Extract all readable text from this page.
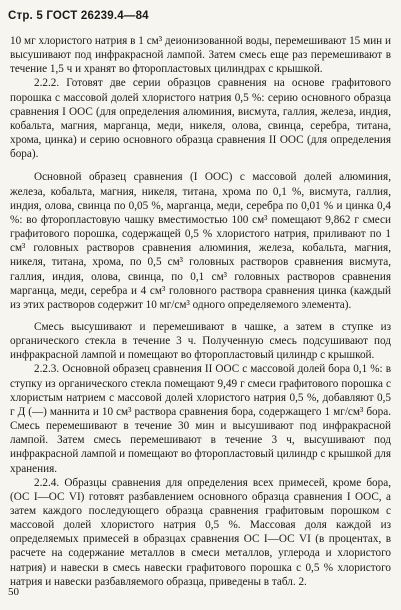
Стр. 5 ГОСТ 26239.4—84

10 мг хлористого натрия в 1 см³ деионизованной воды, перемешивают 15 мин и высушивают под инфракрасной лампой. Затем смесь еще раз перемешивают в течение 1,5 ч и хранят во фторопластовых цилиндрах с крышкой.

2.2.2. Готовят две серии образцов сравнения на основе графитового порошка с массовой долей хлористого натрия 0,5 %: серию основного образца сравнения I ООС (для определения алюминия, висмута, галлия, железа, индия, кобальта, магния, марганца, меди, никеля, олова, свинца, серебра, титана, хрома, цинка) и серию основного образца сравнения II ООС (для определения бора).

Основной образец сравнения (I ООС) с массовой долей алюминия, железа, кобальта, магния, никеля, титана, хрома по 0,1 %, висмута, галлия, индия, олова, свинца по 0,05 %, марганца, меди, серебра по 0,01 % и цинка 0,4 %: во фторопластовую чашку вместимостью 100 см³ помещают 9,862 г смеси графитового порошка, содержащей 0,5 % хлористого натрия, приливают по 1 см³ головных растворов сравнения алюминия, железа, кобальта, магния, никеля, титана, хрома, по 0,5 см³ головных растворов сравнения висмута, галлия, индия, олова, свинца, по 0,1 см³ головных растворов сравнения марганца, меди, серебра и 4 см³ головного раствора сравнения цинка (каждый из этих растворов содержит 10 мг/см³ одного определяемого элемента).

Смесь высушивают и перемешивают в чашке, а затем в ступке из органического стекла в течение 3 ч. Полученную смесь подсушивают под инфракрасной лампой и помещают во фторопластовый цилиндр с крышкой.

2.2.3. Основной образец сравнения II ООС с массовой долей бора 0,1 %: в ступку из органического стекла помещают 9,49 г смеси графитового порошка с хлористым натрием с массовой долей хлористого натрия 0,5 %, добавляют 0,5 г Д (—) маннита и 10 см³ раствора сравнения бора, содержащего 1 мг/см³ бора. Смесь перемешивают в течение 30 мин и высушивают под инфракрасной лампой. Затем смесь перемешивают в течение 3 ч, высушивают под инфракрасной лампой и помещают во фторопластовый цилиндр с крышкой для хранения.

2.2.4. Образцы сравнения для определения всех примесей, кроме бора, (ОС I—ОС VI) готовят разбавлением основного образца сравнения I ООС, а затем каждого последующего образца сравнения графитовым порошком с массовой долей хлористого натрия 0,5 %. Массовая доля каждой из определяемых примесей в образцах сравнения ОС I—ОС VI (в процентах, в расчете на содержание металлов в смеси металлов, углерода и хлористого натрия) и навески в смесь навески графитового порошка с 0,5 % хлористого натрия и навески разбавляемого образца, приведены в табл. 2.

50
